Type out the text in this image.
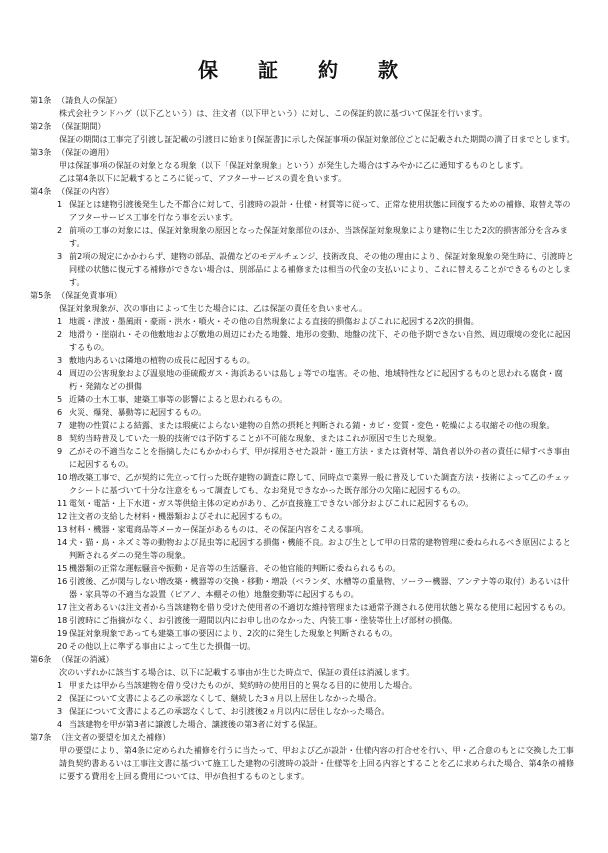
保　証　約　款
第1条 （請負人の保証）
株式会社ランドハグ（以下乙という）は、注文者（以下甲という）に対し、この保証約款に基づいて保証を行います。
第2条 （保証期間）
保証の期間は工事完了引渡し証記載の引渡日に始まり[保証書]に示した保証事項の保証対象部位ごとに記載された期間の満了日までとします。
第3条 （保証の適用）
甲は保証事項の保証の対象となる現象（以下「保証対象現象」という）が発生した場合はすみやかに乙に通知するものとします。
乙は第4条以下に記載するところに従って、アフターサービスの責を負います。
第4条 （保証の内容）
1 保証とは建物引渡後発生した不都合に対して、引渡時の設計・仕様・材質等に従って、正常な使用状態に回復するための補修、取替え等のアフターサービス工事を行なう事を云います。
2 前項の工事の対象には、保証対象現象の原因となった保証対象部位のほか、当該保証対象現象により建物に生じた2次的損害部分を含みます。
3 前2項の規定にかかわらず、建物の部品、設備などのモデルチェンジ、技術改良、その他の理由により、保証対象現象の発生時に、引渡時と同様の状態に復元する補修ができない場合は、別部品による補修または相当の代金の支払いにより、これに替えることができるものとします。
第5条 （保証免責事項）
保証対象現象が、次の事由によって生じた場合には、乙は保証の責任を負いません。
1 地震・津波・墨風雨・豪雨・洪水・噴火・その他の自然現象による直接的損傷およびこれに起因する2次的損傷。
2 地滑り・崖崩れ・その他敷地および敷地の周辺にわたる地盤、地形の変動、地盤の沈下、その他予期できない自然、周辺環境の変化に起因するもの。
3 敷地内あるいは隣地の植物の成長に起因するもの。
4 周辺の公害現象および温泉地の亜硫酸ガス・海浜あるいは島しょ等での塩害。その他、地域特性などに起因するものと思われる腐食・腐朽・発錆などの損傷
5 近隣の土木工事、建築工事等の影響によると思われるもの。
6 火災、爆発、暴動等に起因するもの。
7 建物の性質による結露、または瑕疵によらない建物の自然の摂耗と判断される錆・カビ・変質・変色・乾燥による収縮その他の現象。
8 契約当時普及していた一般的技術では予防することが不可能な現象、またはこれが原因で生じた現象。
9 乙がその不適当なことを指摘したにもかかわらず、甲が採用させた設計・施工方法・または資材等、請負者以外の者の責任に帰すべき事由に起因するもの。
10 増改築工事で、乙が契約に先立って行った既存建物の調査に際して、同時点で業界一般に普及していた調査方法・技術によって乙のチェックシートに基づいて十分な注意をもって調査しても、なお発見できなかった既存部分の欠陥に起因するもの。
11 電気・電話・上下水道・ガス等供給主体の定めがあり、乙が直接施工できない部分およびこれに起因するもの。
12 注文者の支給した材料・機器類およびそれに起因するもの。
13 材料・機器・家電商品等メーカー保証があるものは、その保証内容をこえる事項。
14 犬・猫・鳥・ネズミ等の動物および昆虫等に起因する損傷・機能不良。および生として甲の日常的建物管理に委ねられるべき原因によると判断されるダニの発生等の現象。
15 機器類の正常な運転騒音や振動・足音等の生活騒音、その他官能的判断に委ねられるもの。
16 引渡後、乙が関与しない増改築・機器等の交換・移動・増設（ベランダ、水槽等の重量物、ソーラー機器、アンテナ等の取付）あるいは什器・家具等の不適当な設置（ピアノ、本棚その他）地盤変動等に起因するもの。
17 注文者あるいは注文者から当該建物を借り受けた使用者の不適切な維持管理または通常予測される使用状態と異なる使用に起因するもの。
18 引渡時にご指摘がなく、お引渡後一週間以内にお申し出のなかった、内装工事・塗装等仕上げ部材の損傷。
19 保証対象現象であっても建築工事の要因により、2次的に発生した現象と判断されるもの。
20 その他以上に準ずる事由によって生じた損傷一切。
第6条 （保証の消滅）
次のいずれかに該当する場合は、以下に記載する事由が生じた時点で、保証の責任は消滅します。
1 甲または甲から当該建物を借り受けたものが、契約時の使用目的と異なる目的に使用した場合。
2 保証について文書による乙の承認なくして、継続した3ヵ月以上居住しなかった場合。
3 保証について文書による乙の承認なくして、お引渡後2ヵ月以内に居住しなかった場合。
4 当該建物を甲が第3者に譲渡した場合、譲渡後の第3者に対する保証。
第7条 （注文者の要望を加えた補修）
甲の要望により、第4条に定められた補修を行うに当たって、甲および乙が設計・仕様内容の打合せを行い、甲・乙合意のもとに交換した工事請負契約書あるいは工事注文書に基づいて施工した建物の引渡時の設計・仕様等を上回る内容とすることを乙に求められた場合、第4条の補修に要する費用を上回る費用については、甲が負担するものとします。
